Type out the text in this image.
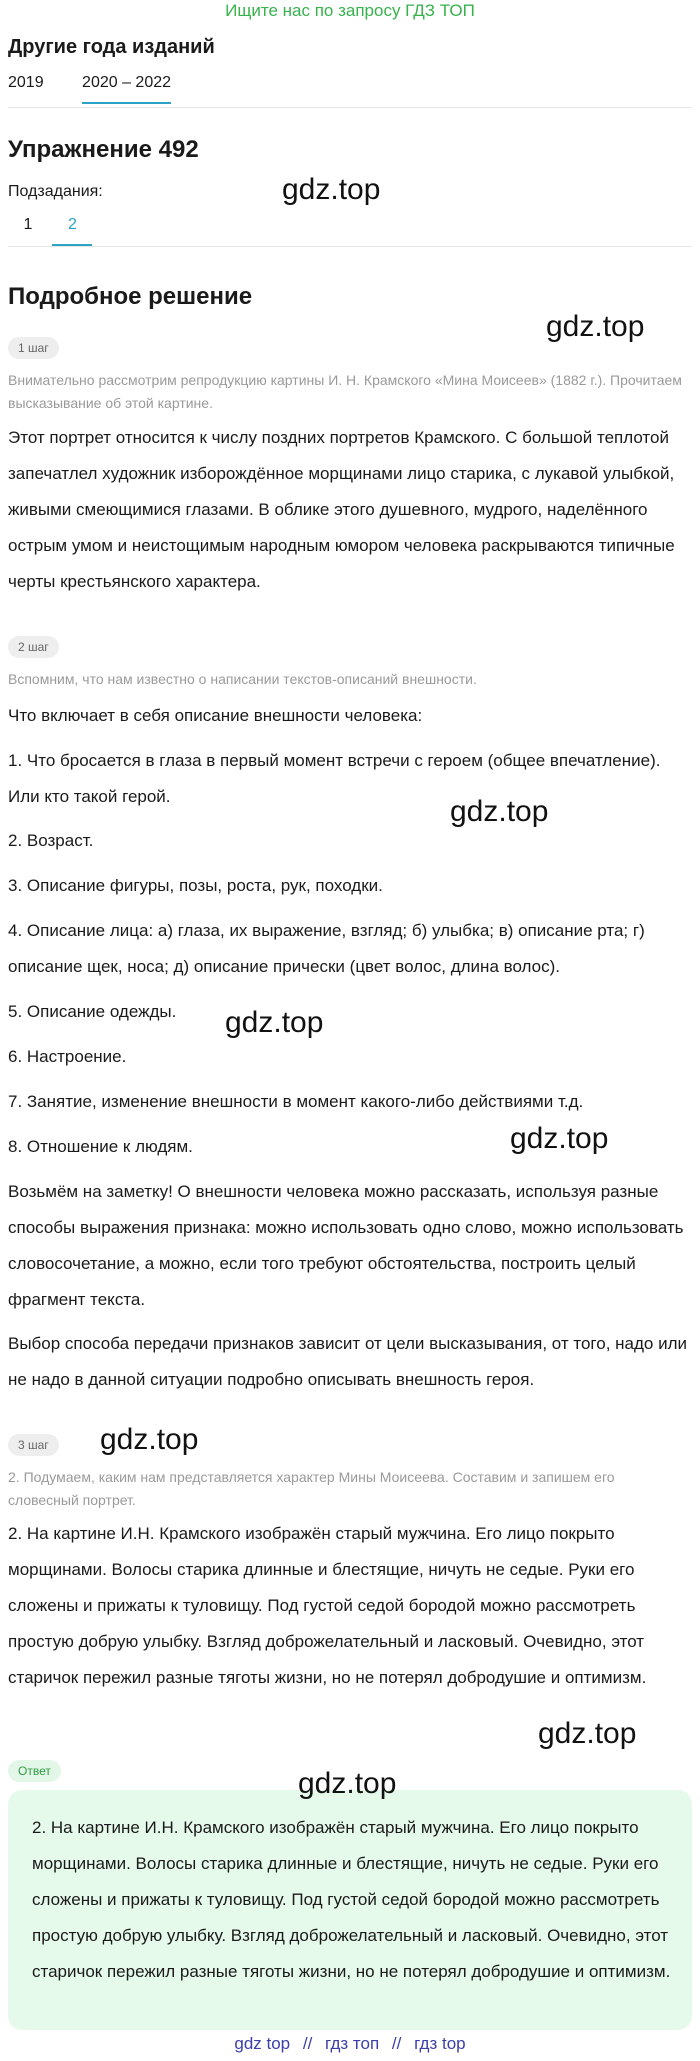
Ищите нас по запросу ГДЗ ТОП
Другие года изданий
2019 2020 – 2022
Упражнение 492
Подзадания:
1 2
Подробное решение
1 шаг
Внимательно рассмотрим репродукцию картины И. Н. Крамского «Мина Моисеев» (1882 г.). Прочитаем высказывание об этой картине.
Этот портрет относится к числу поздних портретов Крамского. С большой теплотой запечатлел художник изборождённое морщинами лицо старика, с лукавой улыбкой, живыми смеющимися глазами. В облике этого душевного, мудрого, наделённого острым умом и неистощимым народным юмором человека раскрываются типичные черты крестьянского характера.
2 шаг
Вспомним, что нам известно о написании текстов-описаний внешности.
Что включает в себя описание внешности человека:
1. Что бросается в глаза в первый момент встречи с героем (общее впечатление). Или кто такой герой.
2. Возраст.
3. Описание фигуры, позы, роста, рук, походки.
4. Описание лица: а) глаза, их выражение, взгляд; б) улыбка; в) описание рта; г) описание щек, носа; д) описание прически (цвет волос, длина волос).
5. Описание одежды.
6. Настроение.
7. Занятие, изменение внешности в момент какого-либо действиями т.д.
8. Отношение к людям.
Возьмём на заметку! О внешности человека можно рассказать, используя разные способы выражения признака: можно использовать одно слово, можно использовать словосочетание, а можно, если того требуют обстоятельства, построить целый фрагмент текста.
Выбор способа передачи признаков зависит от цели высказывания, от того, надо или не надо в данной ситуации подробно описывать внешность героя.
3 шаг
2. Подумаем, каким нам представляется характер Мины Моисеева. Составим и запишем его словесный портрет.
2. На картине И.Н. Крамского изображён старый мужчина. Его лицо покрыто морщинами. Волосы старика длинные и блестящие, ничуть не седые. Руки его сложены и прижаты к туловищу. Под густой седой бородой можно рассмотреть простую добрую улыбку. Взгляд доброжелательный и ласковый. Очевидно, этот старичок пережил разные тяготы жизни, но не потерял добродушие и оптимизм.
Ответ
2. На картине И.Н. Крамского изображён старый мужчина. Его лицо покрыто морщинами. Волосы старика длинные и блестящие, ничуть не седые. Руки его сложены и прижаты к туловищу. Под густой седой бородой можно рассмотреть простую добрую улыбку. Взгляд доброжелательный и ласковый. Очевидно, этот старичок пережил разные тяготы жизни, но не потерял добродушие и оптимизм.
gdz.top
gdz.top
gdz.top
gdz.top
gdz.top
gdz.top
gdz.top
gdz.top
gdz top // гдз топ // гдз top
